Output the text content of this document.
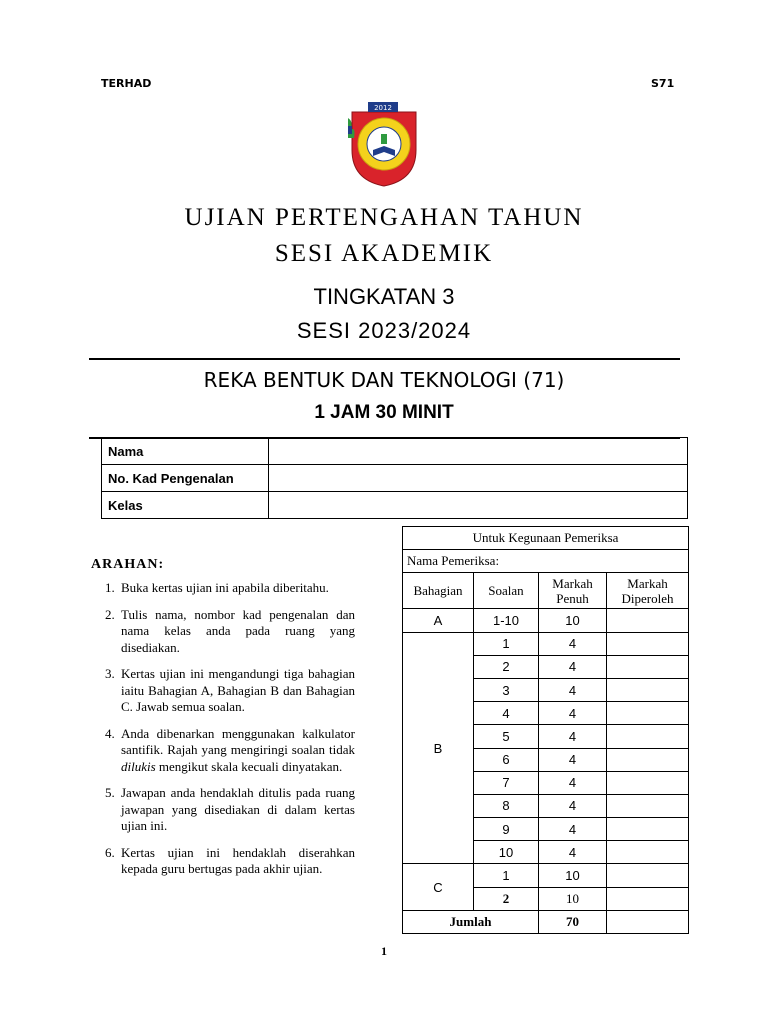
TERHAD	S71
2012
UJIAN PERTENGAHAN TAHUN
SESI AKADEMIK
TINGKATAN 3
SESI 2023/2024
REKA BENTUK DAN TEKNOLOGI (71)
1 JAM 30 MINIT
Nama	
No. Kad Pengenalan	
Kelas	
ARAHAN:
1. Buka kertas ujian ini apabila diberitahu.
2. Tulis nama, nombor kad pengenalan dan nama kelas anda pada ruang yang disediakan.
3. Kertas ujian ini mengandungi tiga bahagian iaitu Bahagian A, Bahagian B dan Bahagian C. Jawab semua soalan.
4. Anda dibenarkan menggunakan kalkulator santifik. Rajah yang mengiringi soalan tidak dilukis mengikut skala kecuali dinyatakan.
5. Jawapan anda hendaklah ditulis pada ruang jawapan yang disediakan di dalam kertas ujian ini.
6. Kertas ujian ini hendaklah diserahkan kepada guru bertugas pada akhir ujian.
Untuk Kegunaan Pemeriksa			
Nama Pemeriksa:			
Bahagian	Soalan	Markah Penuh	Markah Diperoleh
A	1-10	10	
B	1	4	
	2	4	
	3	4	
	4	4	
	5	4	
	6	4	
	7	4	
	8	4	
	9	4	
	10	4	
C	1	10	
	2	10	
Jumlah		70	
1
